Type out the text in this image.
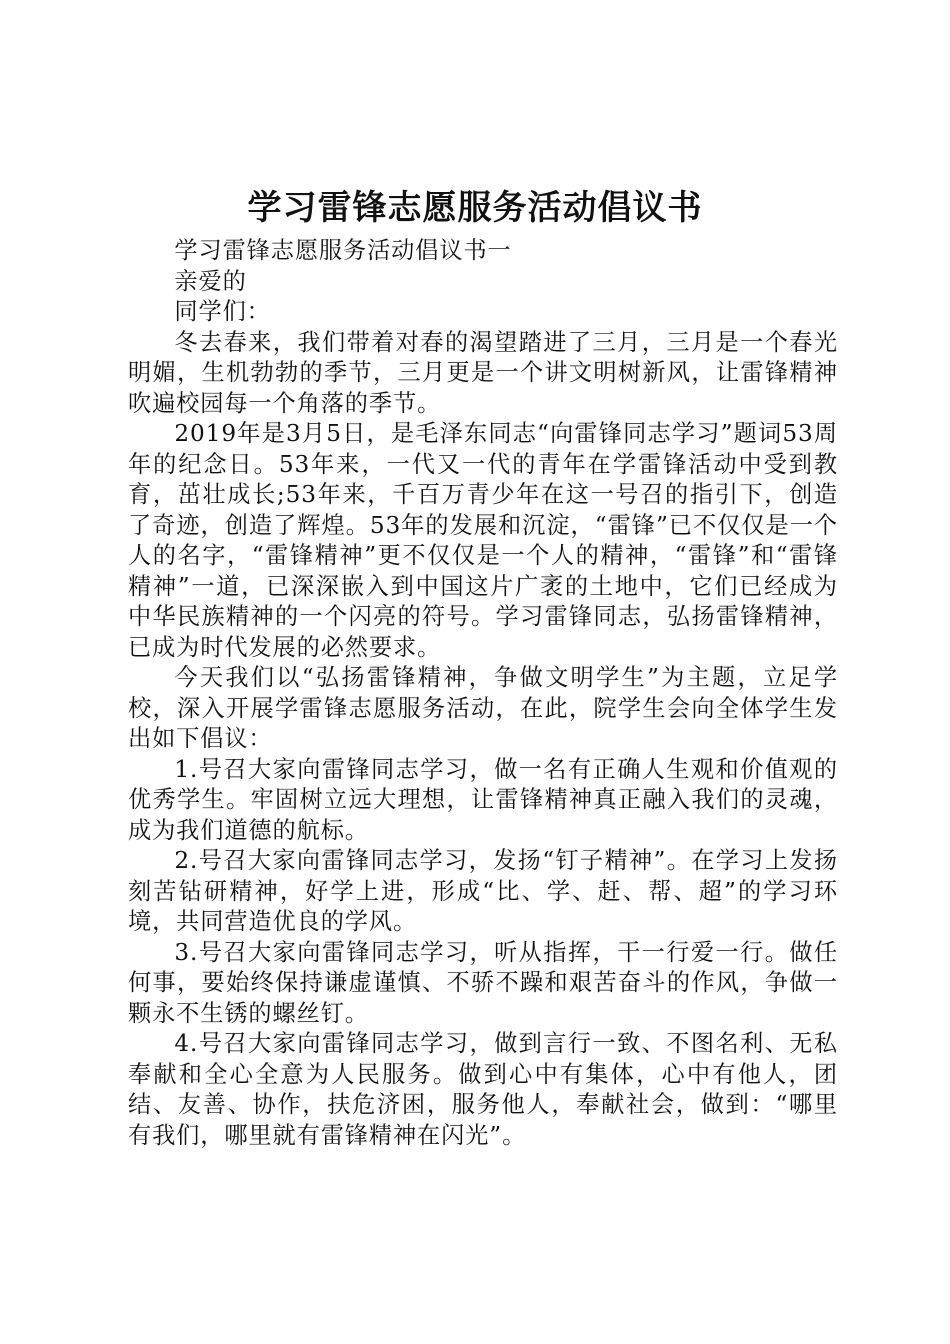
学习雷锋志愿服务活动倡议书

学习雷锋志愿服务活动倡议书一

亲爱的

同学们：

冬去春来，我们带着对春的渴望踏进了三月，三月是一个春光明媚，生机勃勃的季节，三月更是一个讲文明树新风，让雷锋精神吹遍校园每一个角落的季节。

2019年是3月5日，是毛泽东同志“向雷锋同志学习”题词53周年的纪念日。53年来，一代又一代的青年在学雷锋活动中受到教育，茁壮成长;53年来，千百万青少年在这一号召的指引下，创造了奇迹，创造了辉煌。53年的发展和沉淀，“雷锋”已不仅仅是一个人的名字，“雷锋精神”更不仅仅是一个人的精神，“雷锋”和“雷锋精神”一道，已深深嵌入到中国这片广袤的土地中，它们已经成为中华民族精神的一个闪亮的符号。学习雷锋同志，弘扬雷锋精神，已成为时代发展的必然要求。

今天我们以“弘扬雷锋精神，争做文明学生”为主题，立足学校，深入开展学雷锋志愿服务活动，在此，院学生会向全体学生发出如下倡议：

1.号召大家向雷锋同志学习，做一名有正确人生观和价值观的优秀学生。牢固树立远大理想，让雷锋精神真正融入我们的灵魂，成为我们道德的航标。

2.号召大家向雷锋同志学习，发扬“钉子精神”。在学习上发扬刻苦钻研精神，好学上进，形成“比、学、赶、帮、超”的学习环境，共同营造优良的学风。

3.号召大家向雷锋同志学习，听从指挥，干一行爱一行。做任何事，要始终保持谦虚谨慎、不骄不躁和艰苦奋斗的作风，争做一颗永不生锈的螺丝钉。

4.号召大家向雷锋同志学习，做到言行一致、不图名利、无私奉献和全心全意为人民服务。做到心中有集体，心中有他人，团结、友善、协作，扶危济困，服务他人，奉献社会，做到：“哪里有我们，哪里就有雷锋精神在闪光”。
